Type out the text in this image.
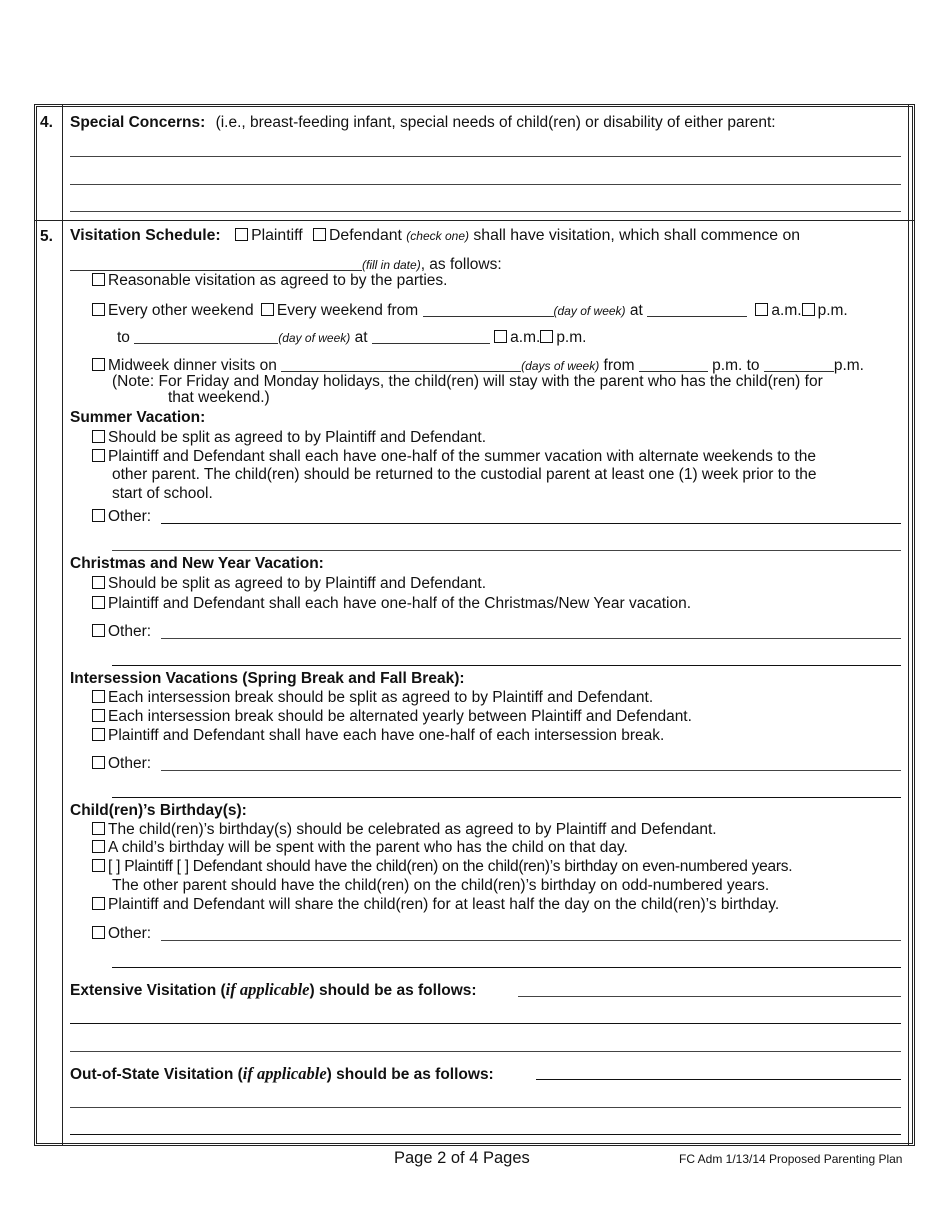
4. Special Concerns: (i.e., breast-feeding infant, special needs of child(ren) or disability of either parent:
5. Visitation Schedule: Plaintiff Defendant (check one) shall have visitation, which shall commence on
(fill in date), as follows:
Reasonable visitation as agreed to by the parties.
Every other weekend Every weekend from	(day of week) at	a.m. p.m.
to	(day of week) at	a.m. p.m.
Midweek dinner visits on	(days of week) from	p.m. to	p.m.
(Note: For Friday and Monday holidays, the child(ren) will stay with the parent who has the child(ren) for
that weekend.)
Summer Vacation:
Should be split as agreed to by Plaintiff and Defendant.
Plaintiff and Defendant shall each have one-half of the summer vacation with alternate weekends to the
other parent. The child(ren) should be returned to the custodial parent at least one (1) week prior to the
start of school.
Other:
Christmas and New Year Vacation:
Should be split as agreed to by Plaintiff and Defendant.
Plaintiff and Defendant shall each have one-half of the Christmas/New Year vacation.
Other:
Intersession Vacations (Spring Break and Fall Break):
Each intersession break should be split as agreed to by Plaintiff and Defendant.
Each intersession break should be alternated yearly between Plaintiff and Defendant.
Plaintiff and Defendant shall have each have one-half of each intersession break.
Other:
Child(ren)’s Birthday(s):
The child(ren)’s birthday(s) should be celebrated as agreed to by Plaintiff and Defendant.
A child’s birthday will be spent with the parent who has the child on that day.
[ ] Plaintiff [ ] Defendant should have the child(ren) on the child(ren)’s birthday on even-numbered years.
The other parent should have the child(ren) on the child(ren)’s birthday on odd-numbered years.
Plaintiff and Defendant will share the child(ren) for at least half the day on the child(ren)’s birthday.
Other:
Extensive Visitation (if applicable) should be as follows:
Out-of-State Visitation (if applicable) should be as follows:
Page 2 of 4 Pages	FC Adm 1/13/14 Proposed Parenting Plan
